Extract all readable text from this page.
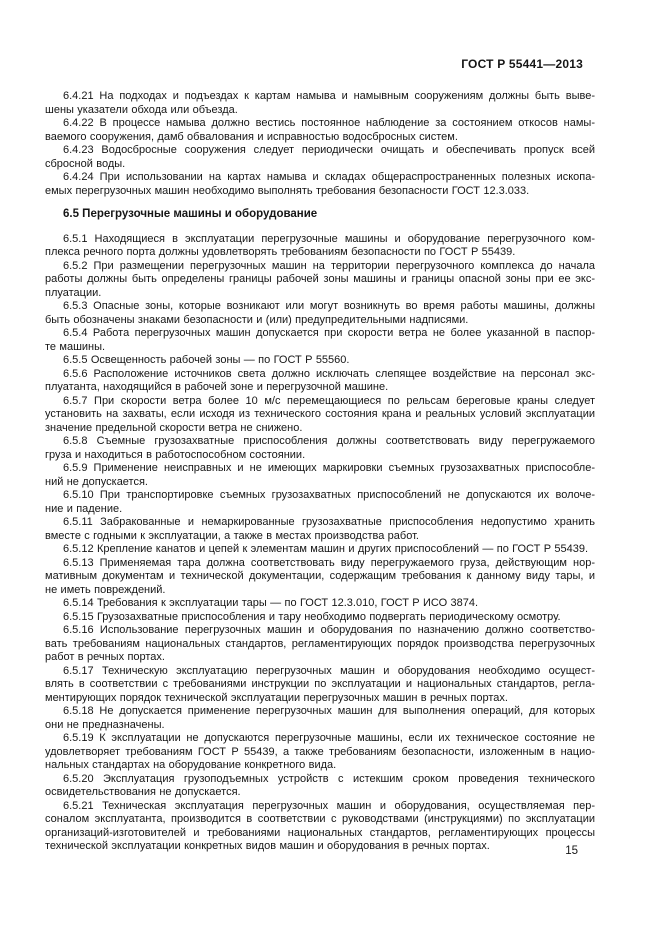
ГОСТ Р 55441—2013
6.4.21 На подходах и подъездах к картам намыва и намывным сооружениям должны быть выве-
шены указатели обхода или объезда.
6.4.22 В процессе намыва должно вестись постоянное наблюдение за состоянием откосов намы-
ваемого сооружения, дамб обвалования и исправностью водосбросных систем.
6.4.23 Водосбросные сооружения следует периодически очищать и обеспечивать пропуск всей
сбросной воды.
6.4.24 При использовании на картах намыва и складах общераспространенных полезных ископа-
емых перегрузочных машин необходимо выполнять требования безопасности ГОСТ 12.3.033.
6.5 Перегрузочные машины и оборудование
6.5.1 Находящиеся в эксплуатации перегрузочные машины и оборудование перегрузочного ком-
плекса речного порта должны удовлетворять требованиям безопасности по ГОСТ Р 55439.
6.5.2 При размещении перегрузочных машин на территории перегрузочного комплекса до начала
работы должны быть определены границы рабочей зоны машины и границы опасной зоны при ее экс-
плуатации.
6.5.3 Опасные зоны, которые возникают или могут возникнуть во время работы машины, должны
быть обозначены знаками безопасности и (или) предупредительными надписями.
6.5.4 Работа перегрузочных машин допускается при скорости ветра не более указанной в паспор-
те машины.
6.5.5 Освещенность рабочей зоны — по ГОСТ Р 55560.
6.5.6 Расположение источников света должно исключать слепящее воздействие на персонал экс-
плуатанта, находящийся в рабочей зоне и перегрузочной машине.
6.5.7 При скорости ветра более 10 м/с перемещающиеся по рельсам береговые краны следует
установить на захваты, если исходя из технического состояния крана и реальных условий эксплуатации
значение предельной скорости ветра не снижено.
6.5.8 Съемные грузозахватные приспособления должны соответствовать виду перегружаемого
груза и находиться в работоспособном состоянии.
6.5.9 Применение неисправных и не имеющих маркировки съемных грузозахватных приспособле-
ний не допускается.
6.5.10 При транспортировке съемных грузозахватных приспособлений не допускаются их волоче-
ние и падение.
6.5.11 Забракованные и немаркированные грузозахватные приспособления недопустимо хранить
вместе с годными к эксплуатации, а также в местах производства работ.
6.5.12 Крепление канатов и цепей к элементам машин и других приспособлений — по ГОСТ Р 55439.
6.5.13 Применяемая тара должна соответствовать виду перегружаемого груза, действующим нор-
мативным документам и технической документации, содержащим требования к данному виду тары, и
не иметь повреждений.
6.5.14 Требования к эксплуатации тары — по ГОСТ 12.3.010, ГОСТ Р ИСО 3874.
6.5.15 Грузозахватные приспособления и тару необходимо подвергать периодическому осмотру.
6.5.16 Использование перегрузочных машин и оборудования по назначению должно соответство-
вать требованиям национальных стандартов, регламентирующих порядок производства перегрузочных
работ в речных портах.
6.5.17 Техническую эксплуатацию перегрузочных машин и оборудования необходимо осущест-
влять в соответствии с требованиями инструкции по эксплуатации и национальных стандартов, регла-
ментирующих порядок технической эксплуатации перегрузочных машин в речных портах.
6.5.18 Не допускается применение перегрузочных машин для выполнения операций, для которых
они не предназначены.
6.5.19 К эксплуатации не допускаются перегрузочные машины, если их техническое состояние не
удовлетворяет требованиям ГОСТ Р 55439, а также требованиям безопасности, изложенным в нацио-
нальных стандартах на оборудование конкретного вида.
6.5.20 Эксплуатация грузоподъемных устройств с истекшим сроком проведения технического
освидетельствования не допускается.
6.5.21 Техническая эксплуатация перегрузочных машин и оборудования, осуществляемая пер-
соналом эксплуатанта, производится в соответствии с руководствами (инструкциями) по эксплуатации
организаций-изготовителей и требованиями национальных стандартов, регламентирующих процессы
технической эксплуатации конкретных видов машин и оборудования в речных портах.	15
